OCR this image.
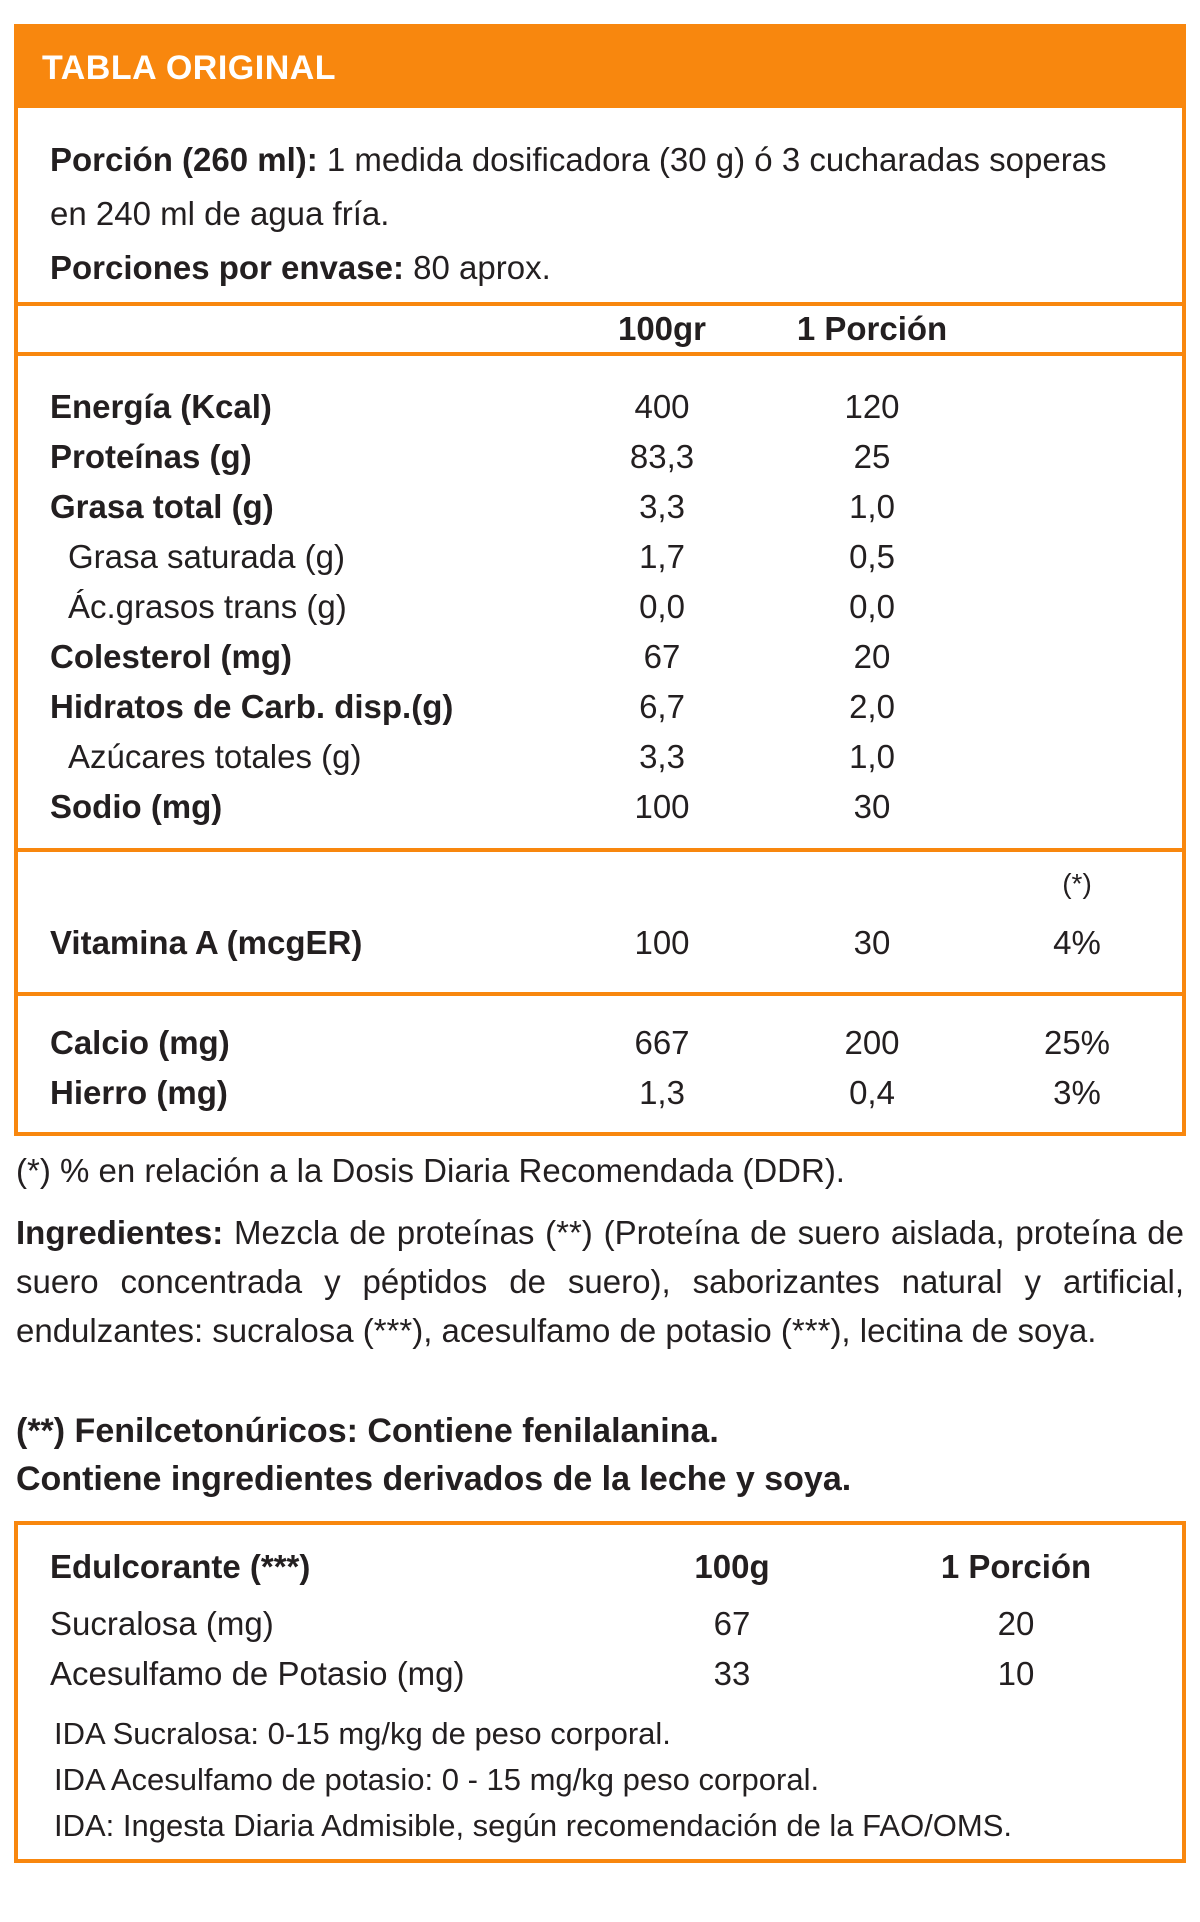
TABLA ORIGINAL
Porción (260 ml): 1 medida dosificadora (30 g) ó 3 cucharadas soperas en 240 ml de agua fría.
Porciones por envase: 80 aprox.
100gr	1 Porción
Energía (Kcal)	400	120
Proteínas (g)	83,3	25
Grasa total (g)	3,3	1,0
Grasa saturada (g)	1,7	0,5
Ác.grasos trans (g)	0,0	0,0
Colesterol (mg)	67	20
Hidratos de Carb. disp.(g)	6,7	2,0
Azúcares totales (g)	3,3	1,0
Sodio (mg)	100	30
(*)
Vitamina A (mcgER)	100	30	4%
Calcio (mg)	667	200	25%
Hierro (mg)	1,3	0,4	3%
(*) % en relación a la Dosis Diaria Recomendada (DDR).
Ingredientes: Mezcla de proteínas (**) (Proteína de suero aislada, proteína de suero concentrada y péptidos de suero), saborizantes natural y artificial, endulzantes: sucralosa (***), acesulfamo de potasio (***), lecitina de soya.
(**) Fenilcetonúricos: Contiene fenilalanina.
Contiene ingredientes derivados de la leche y soya.
Edulcorante (***)	100g	1 Porción
Sucralosa (mg)	67	20
Acesulfamo de Potasio (mg)	33	10
IDA Sucralosa: 0-15 mg/kg de peso corporal.
IDA Acesulfamo de potasio: 0 - 15 mg/kg peso corporal.
IDA: Ingesta Diaria Admisible, según recomendación de la FAO/OMS.
